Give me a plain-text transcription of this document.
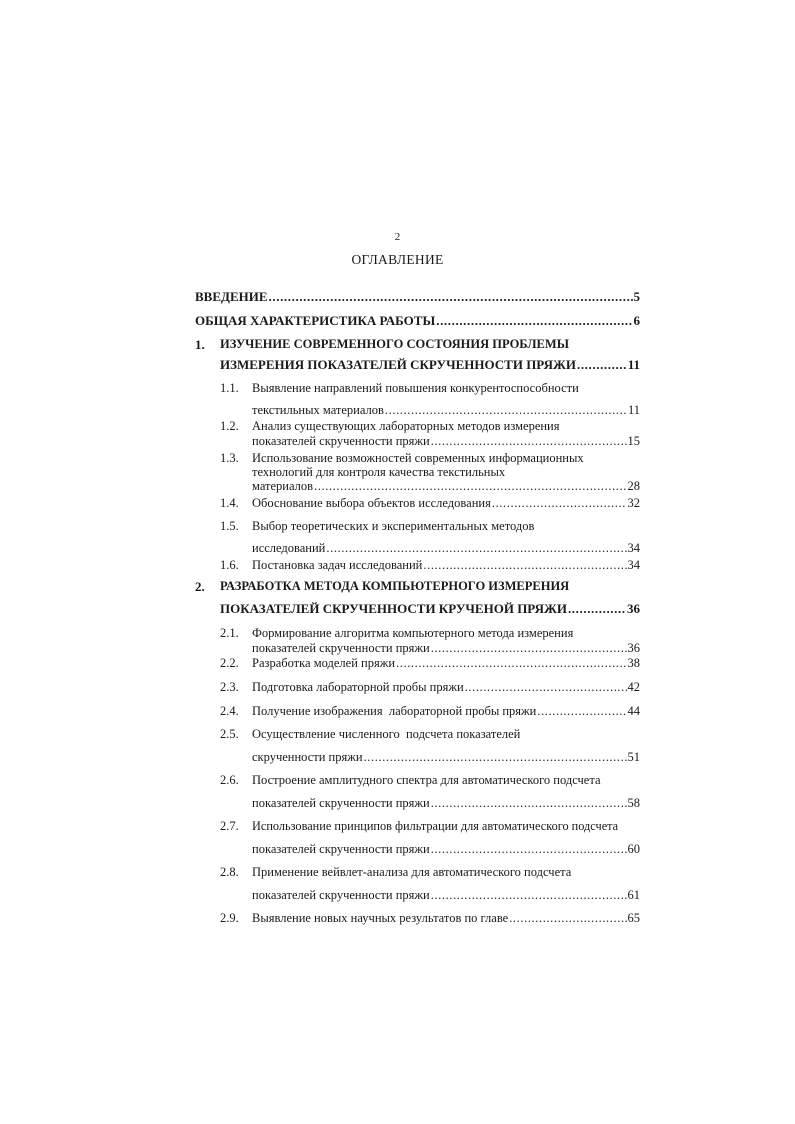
2
ОГЛАВЛЕНИЕ
ВВЕДЕНИЕ .....	5
ОБЩАЯ ХАРАКТЕРИСТИКА РАБОТЫ .....	6
1. ИЗУЧЕНИЕ СОВРЕМЕННОГО СОСТОЯНИЯ ПРОБЛЕМЫ
ИЗМЕРЕНИЯ ПОКАЗАТЕЛЕЙ СКРУЧЕННОСТИ ПРЯЖИ .....	11
1.1. Выявление направлений повышения конкурентоспособности
текстильных материалов .....	11
1.2. Анализ существующих лабораторных методов измерения
показателей скрученности пряжи .....	15
1.3. Использование возможностей современных информационных
технологий для контроля качества текстильных
материалов .....	28
1.4. Обоснование выбора объектов исследования .....	32
1.5. Выбор теоретических и экспериментальных методов
исследований .....	34
1.6. Постановка задач исследований .....	34
2. РАЗРАБОТКА МЕТОДА КОМПЬЮТЕРНОГО ИЗМЕРЕНИЯ
ПОКАЗАТЕЛЕЙ СКРУЧЕННОСТИ КРУЧЕНОЙ ПРЯЖИ .....	36
2.1. Формирование алгоритма компьютерного метода измерения
показателей скрученности пряжи .....	36
2.2. Разработка моделей пряжи .....	38
2.3. Подготовка лабораторной пробы пряжи .....	42
2.4. Получение изображения  лабораторной пробы пряжи .....	44
2.5. Осуществление численного  подсчета показателей
скрученности пряжи .....	51
2.6. Построение амплитудного спектра для автоматического подсчета
показателей скрученности пряжи .....	58
2.7. Использование принципов фильтрации для автоматического подсчета
показателей скрученности пряжи .....	60
2.8. Применение вейвлет-анализа для автоматического подсчета
показателей скрученности пряжи .....	61
2.9. Выявление новых научных результатов по главе .....	65
